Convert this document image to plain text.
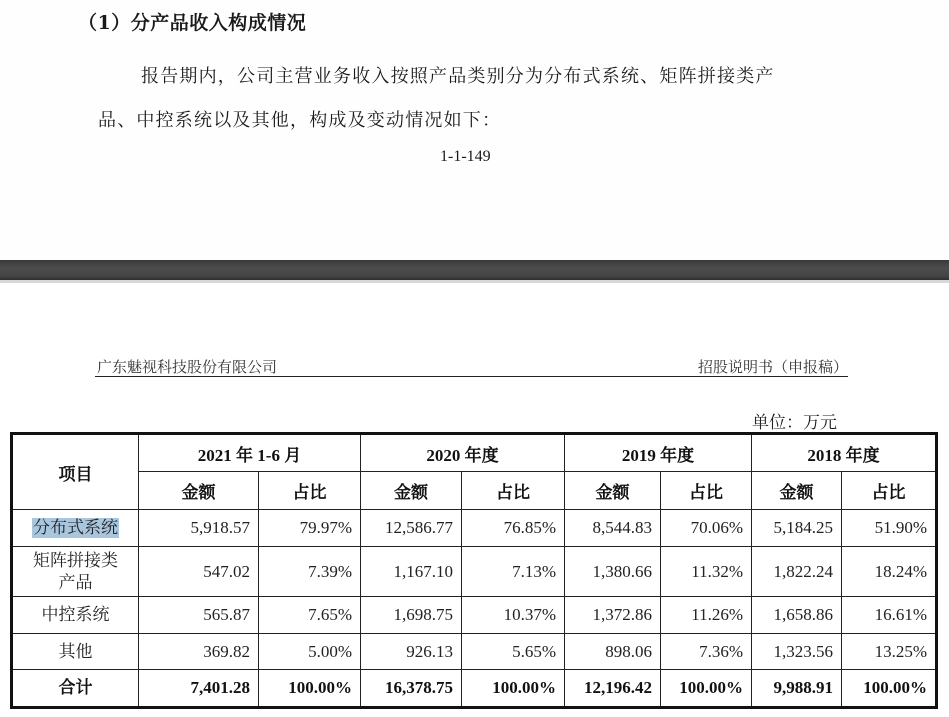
（1）分产品收入构成情况
报告期内，公司主营业务收入按照产品类别分为分布式系统、矩阵拼接类产
品、中控系统以及其他，构成及变动情况如下：
1-1-149
广东魅视科技股份有限公司	招股说明书（申报稿）
单位：万元
项目	2021 年 1-6 月		2020 年度		2019 年度		2018 年度	
	金额	占比	金额	占比	金额	占比	金额	占比
分布式系统	5,918.57	79.97%	12,586.77	76.85%	8,544.83	70.06%	5,184.25	51.90%

矩阵拼接类
产品	547.02	7.39%	1,167.10	7.13%	1,380.66	11.32%	1,822.24	18.24%
中控系统	565.87	7.65%	1,698.75	10.37%	1,372.86	11.26%	1,658.86	16.61%
其他	369.82	5.00%	926.13	5.65%	898.06	7.36%	1,323.56	13.25%
合计	7,401.28	100.00%	16,378.75	100.00%	12,196.42	100.00%	9,988.91	100.00%
